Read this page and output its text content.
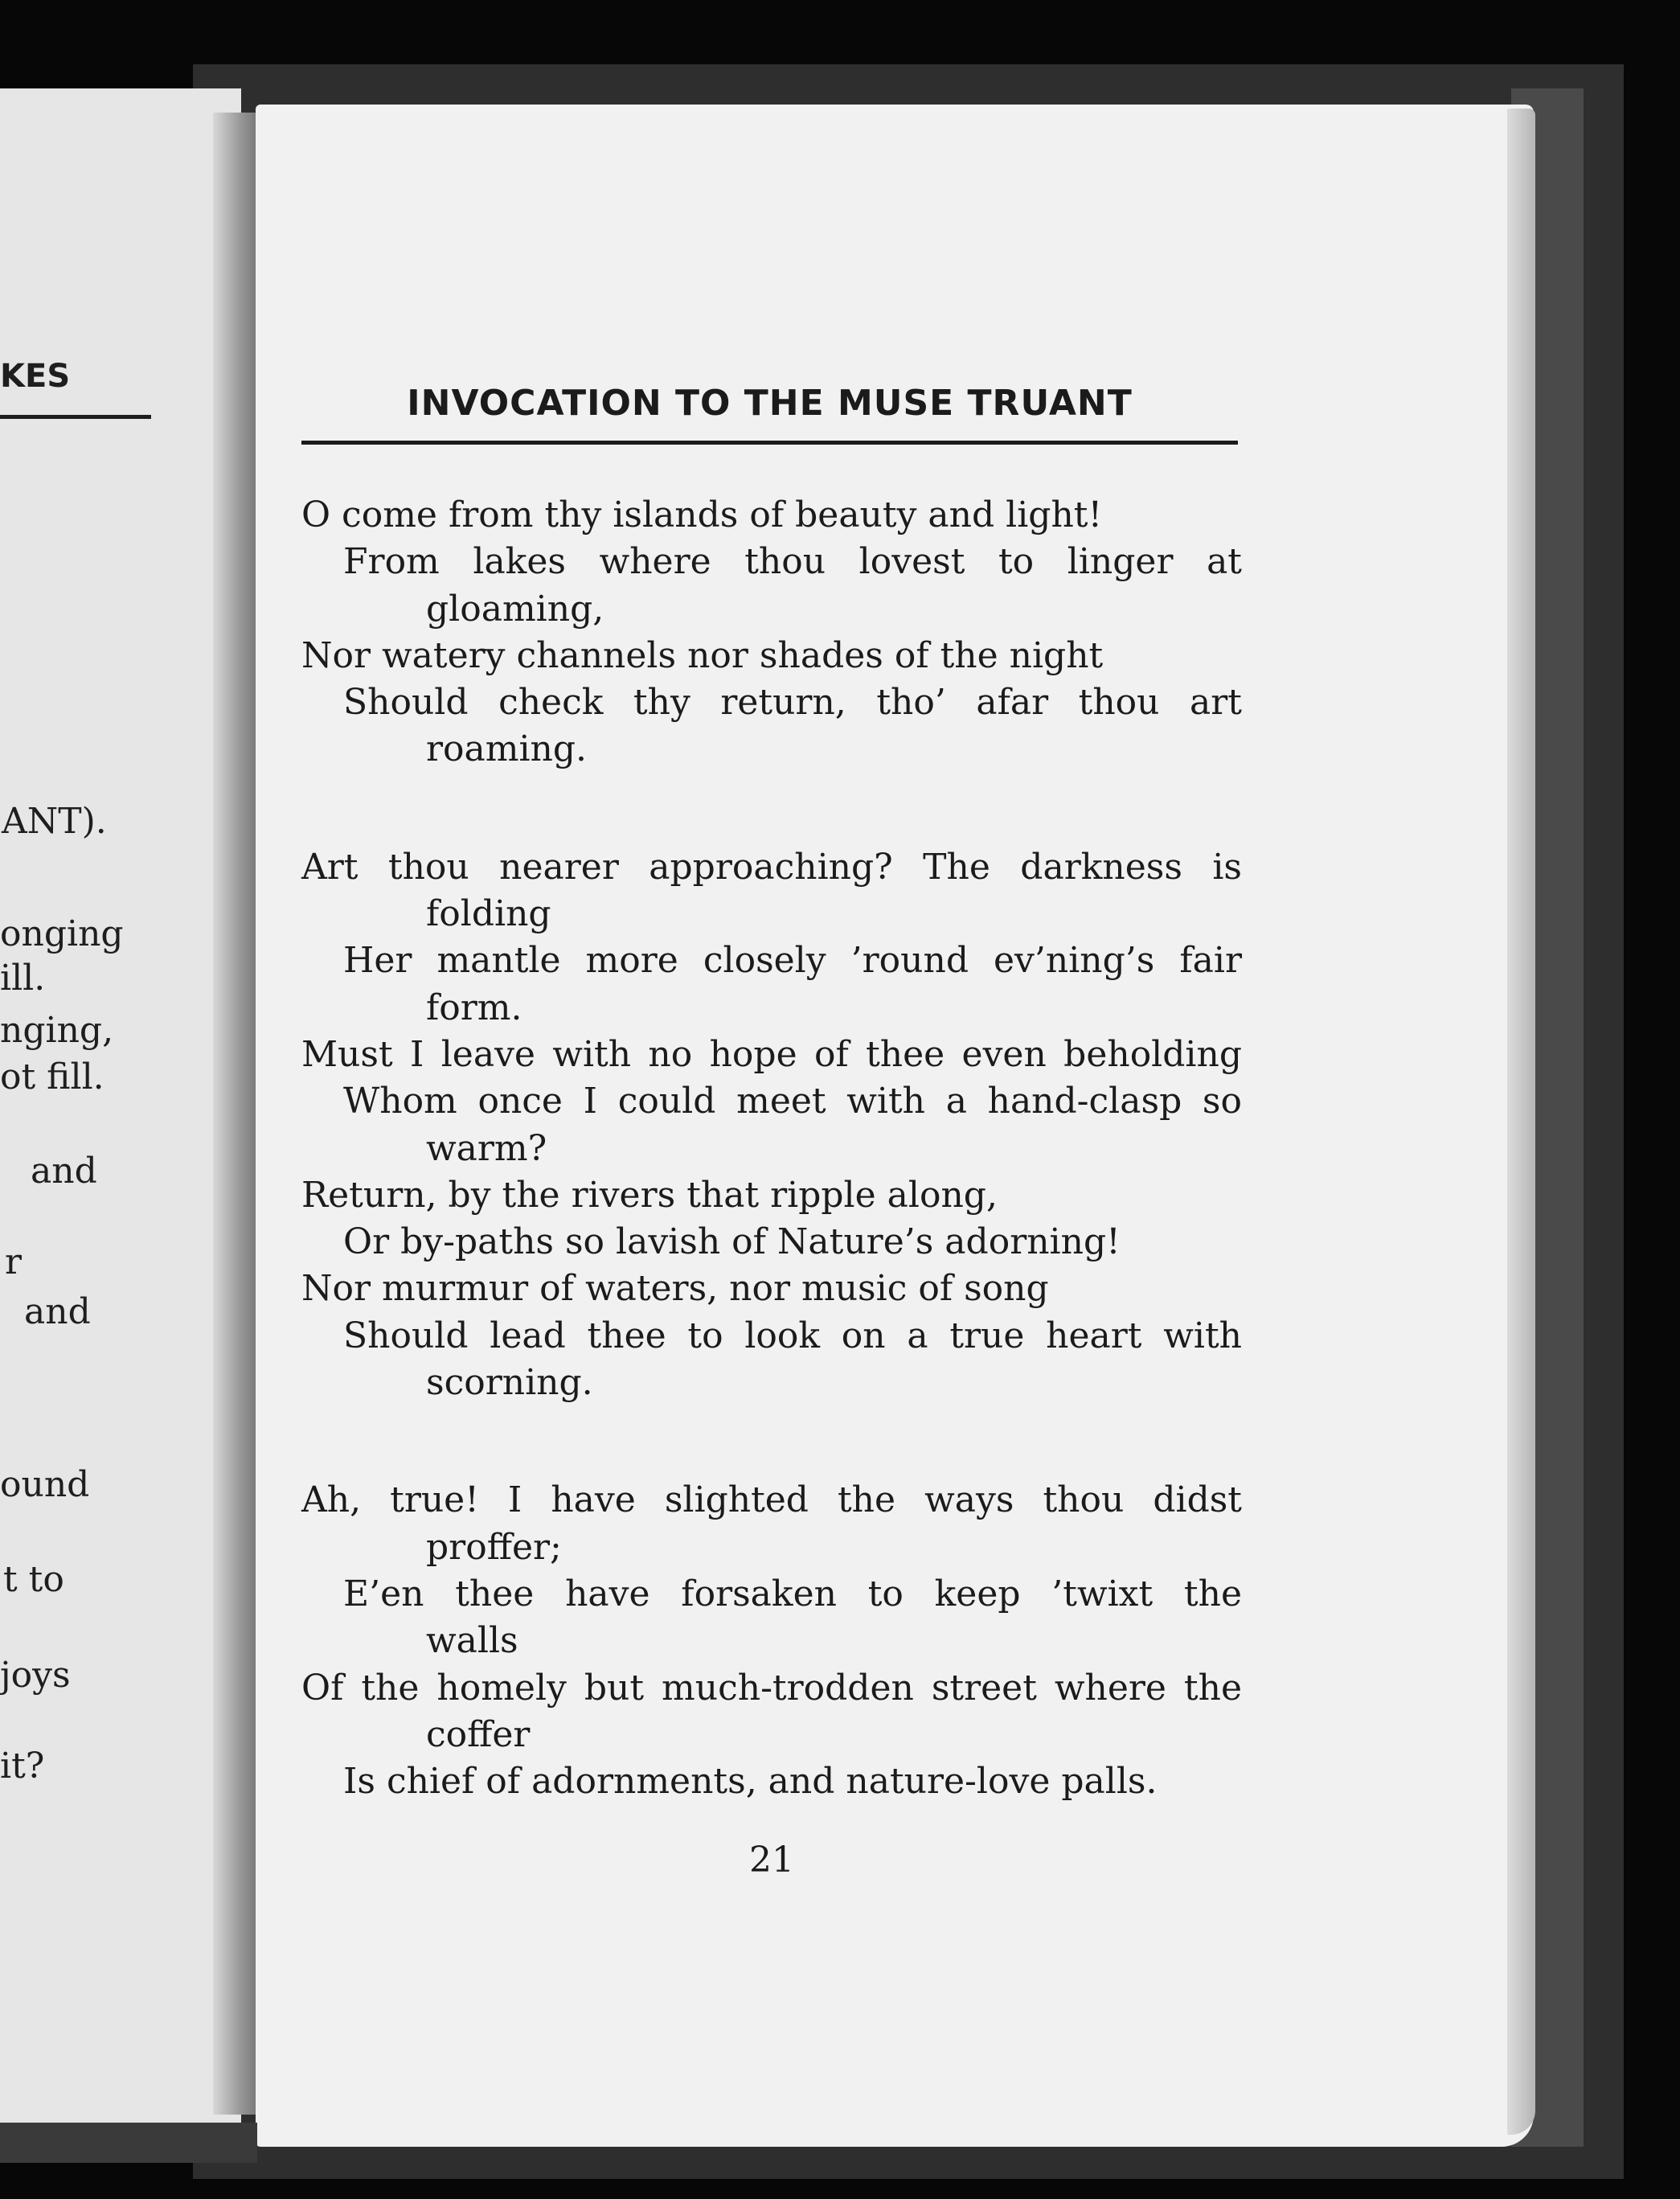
KES

ANT).

onging

ill.

nging,

ot fill.

and

r

and

ound

t to

joys

it?

INVOCATION TO THE MUSE TRUANT

O come from thy islands of beauty and light!

From lakes where thou lovest to linger at

gloaming,

Nor watery channels nor shades of the night

Should check thy return, tho’ afar thou art

roaming.

Art thou nearer approaching? The darkness is

folding

Her mantle more closely ’round ev’ning’s fair

form.

Must I leave with no hope of thee even beholding

Whom once I could meet with a hand-clasp so

warm?

Return, by the rivers that ripple along,

Or by-paths so lavish of Nature’s adorning!

Nor murmur of waters, nor music of song

Should lead thee to look on a true heart with

scorning.

Ah, true! I have slighted the ways thou didst

proffer;

E’en thee have forsaken to keep ’twixt the

walls

Of the homely but much-trodden street where the

coffer

Is chief of adornments, and nature-love palls.

21
